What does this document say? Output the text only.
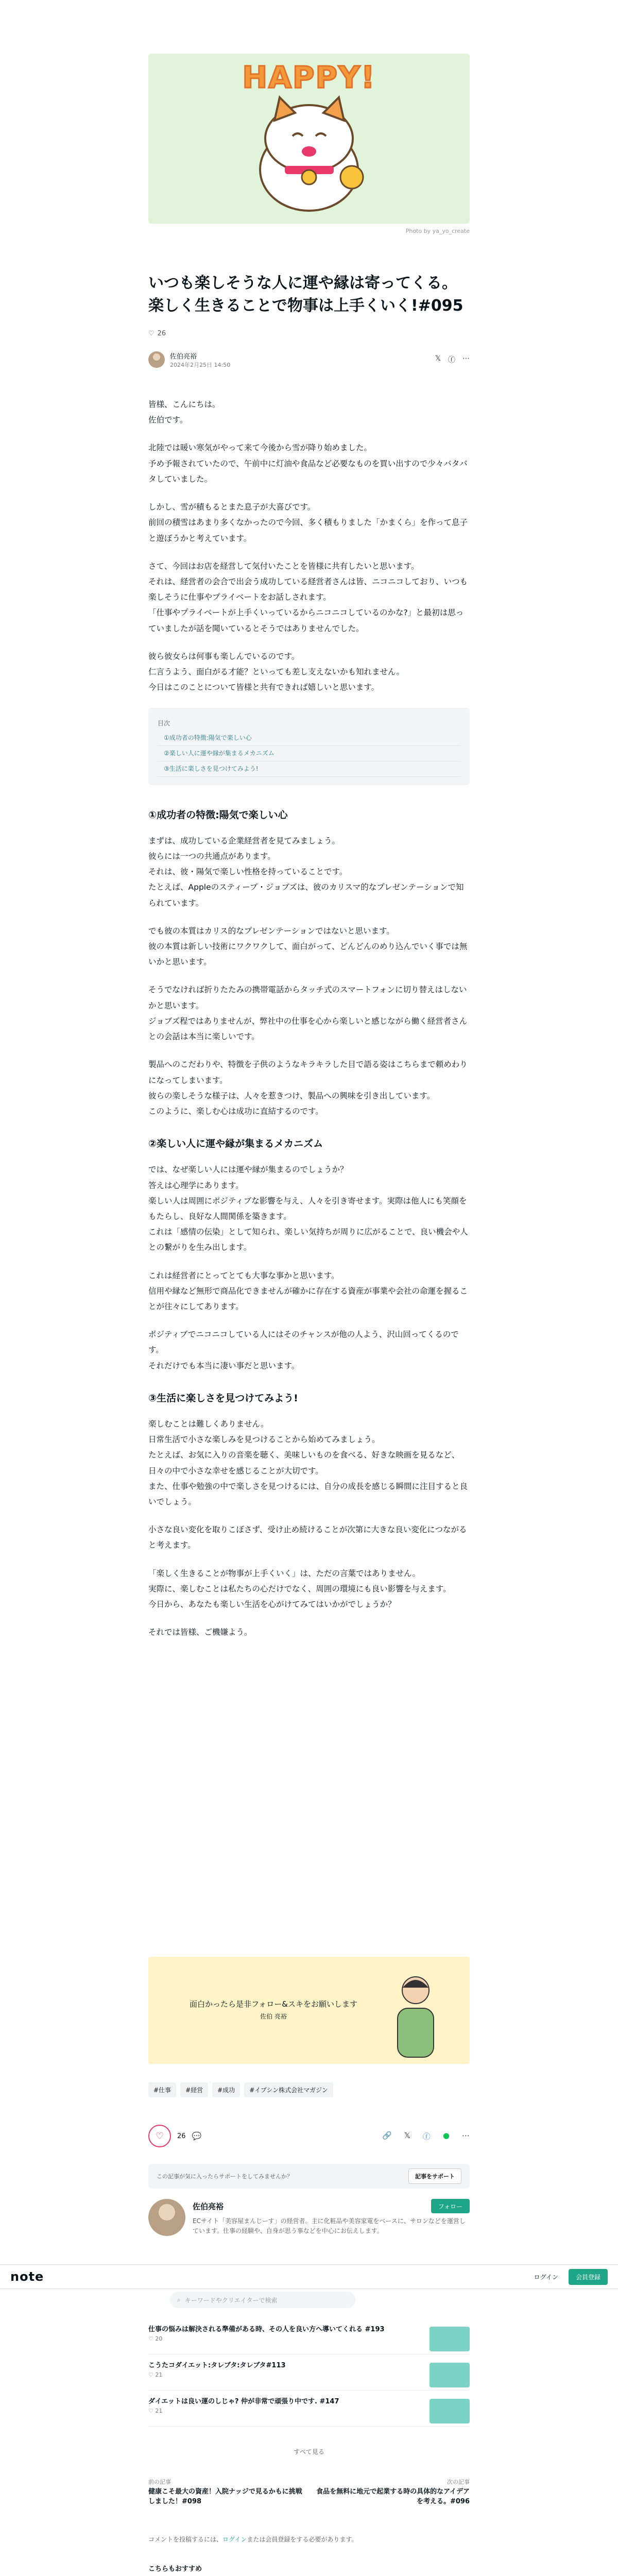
HAPPY!
Photo by ya_yo_create
いつも楽しそうな人に運や縁は寄ってくる。楽しく生きることで物事は上手くいく!#095
♡ 26
佐伯亮裕
2024年2月25日 14:50
𝕏 ⓕ ⋯

皆様、こんにちは。
佐伯です。

北陸では暖い寒気がやって来て今後から雪が降り始めました。
予め予報されていたので、午前中に灯油や食品など必要なものを買い出すので少々バタバタしていました。

しかし、雪が積もるとまた息子が大喜びです。
前回の積雪はあまり多くなかったので今回、多く積もりました「かまくら」を作って息子と遊ぼうかと考えています。

さて、今回はお店を経営して気付いたことを皆様に共有したいと思います。
それは、経営者の会合で出会う成功している経営者さんは皆、ニコニコしており、いつも楽しそうに仕事やプライベートをお話しされます。
「仕事やプライベートが上手くいっているからニコニコしているのかな?」と最初は思っていましたが話を聞いているとそうではありませんでした。

彼ら彼女らは何事も楽しんでいるのです。
仁言うよう、面白がる才能？といっても差し支えないかも知れません。
今日はこのことについて皆様と共有できれば嬉しいと思います。

目次
①成功者の特徴:陽気で楽しい心
②楽しい人に運や縁が集まるメカニズム
③生活に楽しさを見つけてみよう!
①成功者の特徴:陽気で楽しい心

まずは、成功している企業経営者を見てみましょう。
彼らには一つの共通点があります。
それは、彼・陽気で楽しい性格を持っていることです。
たとえば、Appleのスティーブ・ジョブズは、彼のカリスマ的なプレゼンテーションで知られています。

でも彼の本質はカリス的なプレゼンテーションではないと思います。
彼の本質は新しい技術にワクワクして、面白がって、どんどんのめり込んでいく事では無いかと思います。

そうでなければ折りたたみの携帯電話からタッチ式のスマートフォンに切り替えはしないかと思います。
ジョブズ程ではありませんが、弊社中の仕事を心から楽しいと感じながら働く経営者さんとの会話は本当に楽しいです。

製品へのこだわりや、特徴を子供のようなキラキラした目で語る姿はこちらまで頼めわりになってしまいます。
彼らの楽しそうな様子は、人々を惹きつけ、製品への興味を引き出しています。
このように、楽しむ心は成功に直結するのです。

②楽しい人に運や縁が集まるメカニズム

では、なぜ楽しい人には運や縁が集まるのでしょうか？
答えは心理学にあります。
楽しい人は周囲にポジティブな影響を与え、人々を引き寄せます。実際は他人にも笑顔をもたらし、良好な人間関係を築きます。
これは「感情の伝染」として知られ、楽しい気持ちが周りに広がることで、良い機会や人との繋がりを生み出します。

これは経営者にとってとても大事な事かと思います。
信用や縁など無形で商品化できませんが確かに存在する資産が事業や会社の命運を握ることが往々にしてあります。

ポジティブでニコニコしている人にはそのチャンスが他の人よう、沢山回ってくるのです。
それだけでも本当に凄い事だと思います。

③生活に楽しさを見つけてみよう!

楽しむことは難しくありません。
日常生活で小さな楽しみを見つけることから始めてみましょう。
たとえば、お気に入りの音楽を聴く、美味しいものを食べる、好きな映画を見るなど、日々の中で小さな幸せを感じることが大切です。
また、仕事や勉強の中で楽しさを見つけるには、自分の成長を感じる瞬間に注目すると良いでしょう。

小さな良い変化を取りこぼさず、受け止め続けることが次第に大きな良い変化につながると考えます。

「楽しく生きることが物事が上手くいく」は、ただの言葉ではありません。
実際に、楽しむことは私たちの心だけでなく、周囲の環境にも良い影響を与えます。
今日から、あなたも楽しい生活を心がけてみてはいかがでしょうか？

それでは皆様、ご機嫌よう。

面白かったら是非フォロー&スキをお願いします
佐伯 亮裕
#仕事	#経営	#成功	#イプシン株式会社マガジン
♡	26 💬	🔗 𝕏 ⓕ ● ⋯
この記事が気に入ったらサポートをしてみませんか？	記事をサポート
佐伯亮裕	フォロー
ECサイト「美容屋まんじーす」の経営者。主に化粧品や美容家電をベースに、サロンなどを運営しています。仕事の経験や、自身が思う事などを中心にお伝えします。
note	ログイン	会員登録
⌕ キーワードやクリエイターで検索
仕事の悩みは解決される準備がある時、その人を良い方へ導いてくれる #193
♡ 20
こうたコダイエット:タレブタ:タレブタ#113
♡ 21
ダイエットは良い運のしじゃ? 仲が非常で頑張り中です. #147
♡ 21
すべて見る
前の記事
健康こそ最大の資産！入院ナッジで見るかもに挑戦しました！#098
次の記事
食品を無料に地元で起業する時の具体的なアイデアを考える。#096
コメントを投稿するには、ログインまたは会員登録をする必要があります。
こちらもおすすめ
